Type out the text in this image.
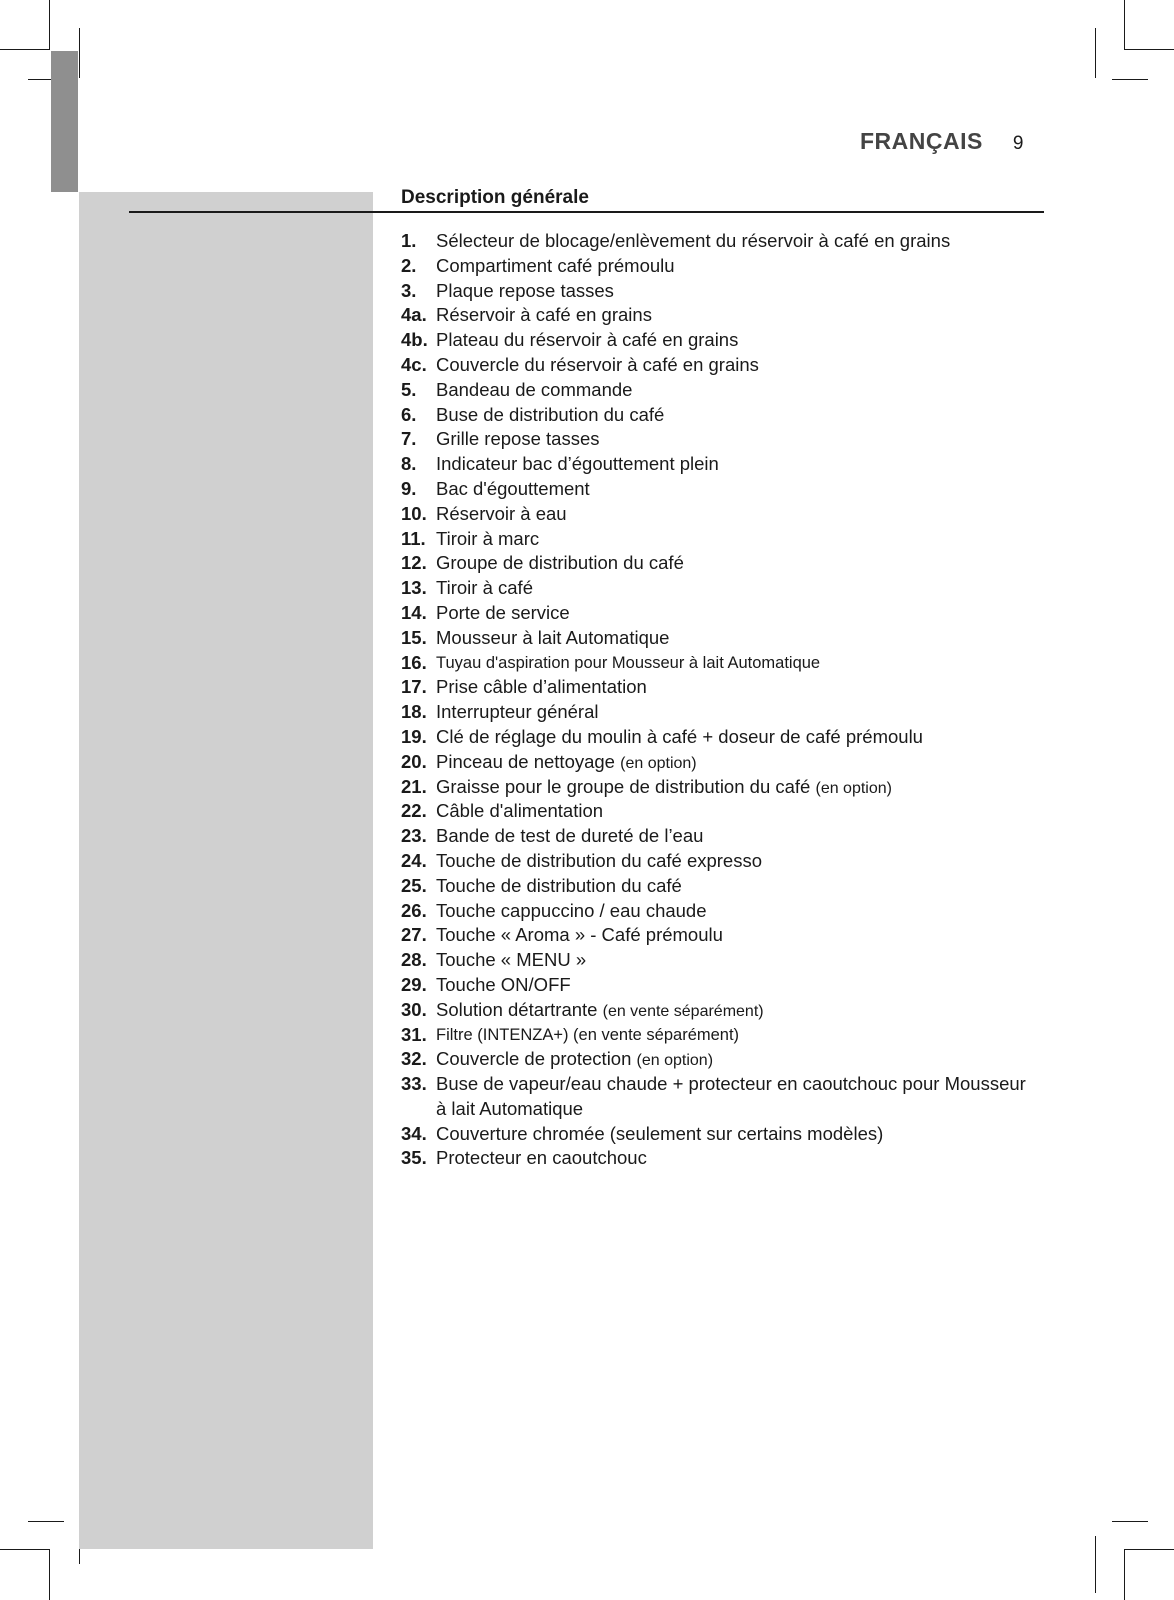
FRANÇAIS 9
Description générale
1.	Sélecteur de blocage/enlèvement du réservoir à café en grains
2.	Compartiment café prémoulu
3.	Plaque repose tasses
4a. Réservoir à café en grains
4b. Plateau du réservoir à café en grains
4c. Couvercle du réservoir à café en grains
5.	Bandeau de commande
6.	Buse de distribution du café
7.	Grille repose tasses
8.	Indicateur bac d’égouttement plein
9.	Bac d'égouttement
10. Réservoir à eau
11. Tiroir à marc
12. Groupe de distribution du café
13. Tiroir à café
14. Porte de service
15. Mousseur à lait Automatique
16. Tuyau d'aspiration pour Mousseur à lait Automatique
17. Prise câble d’alimentation
18. Interrupteur général
19. Clé de réglage du moulin à café + doseur de café prémoulu
20. Pinceau de nettoyage (en option)
21. Graisse pour le groupe de distribution du café (en option)
22. Câble d'alimentation
23. Bande de test de dureté de l’eau
24. Touche de distribution du café expresso
25. Touche de distribution du café
26. Touche cappuccino / eau chaude
27. Touche « Aroma » - Café prémoulu
28. Touche « MENU »
29. Touche ON/OFF
30. Solution détartrante (en vente séparément)
31. Filtre (INTENZA+) (en vente séparément)
32. Couvercle de protection (en option)
33. Buse de vapeur/eau chaude + protecteur en caoutchouc pour Mousseur à lait Automatique
34. Couverture chromée (seulement sur certains modèles)
35. Protecteur en caoutchouc
